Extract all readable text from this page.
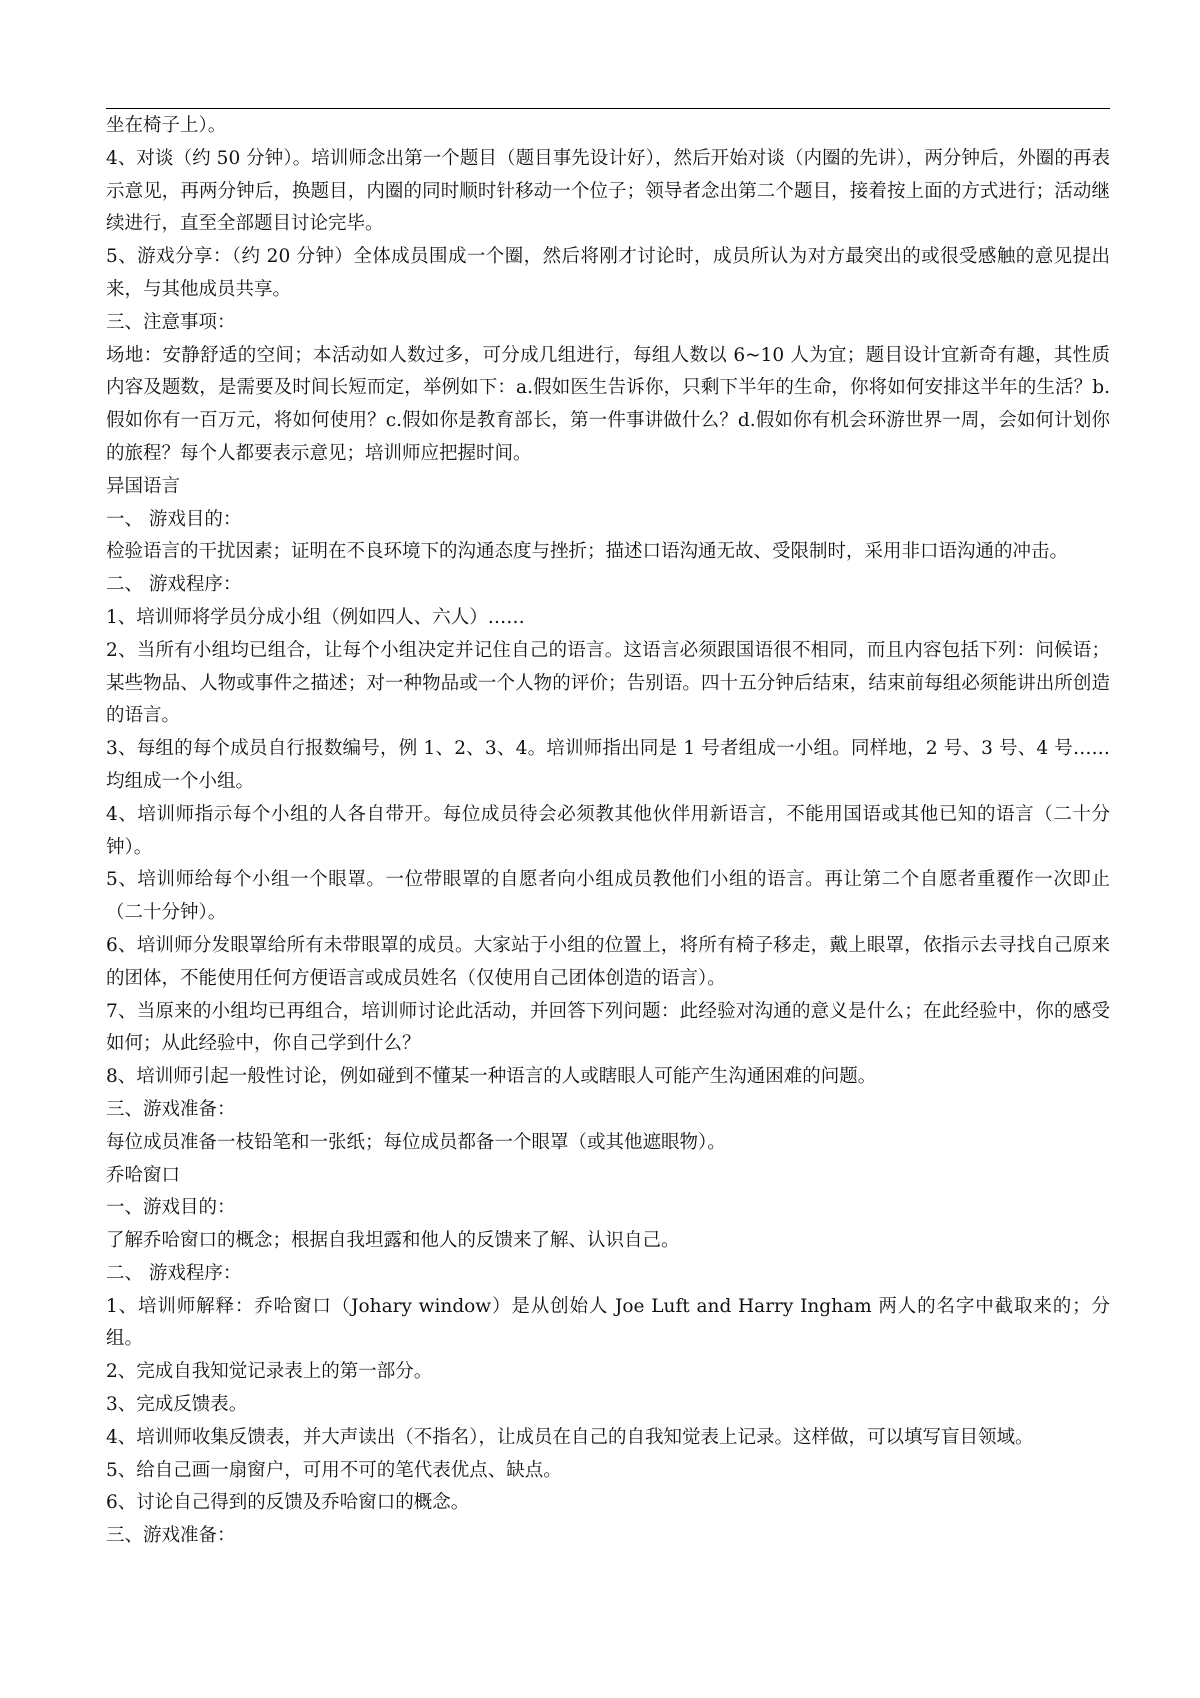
坐在椅子上）。

4、对谈（约 50 分钟）。培训师念出第一个题目（题目事先设计好），然后开始对谈（内圈的先讲），两分钟后，外圈的再表示意见，再两分钟后，换题目，内圈的同时顺时针移动一个位子；领导者念出第二个题目，接着按上面的方式进行；活动继续进行，直至全部题目讨论完毕。

5、游戏分享：（约 20 分钟）全体成员围成一个圈，然后将刚才讨论时，成员所认为对方最突出的或很受感触的意见提出来，与其他成员共享。

三、注意事项：

场地：安静舒适的空间；本活动如人数过多，可分成几组进行，每组人数以 6~10 人为宜；题目设计宜新奇有趣，其性质内容及题数，是需要及时间长短而定，举例如下：a.假如医生告诉你，只剩下半年的生命，你将如何安排这半年的生活？b.假如你有一百万元，将如何使用？c.假如你是教育部长，第一件事讲做什么？d.假如你有机会环游世界一周，会如何计划你的旅程？每个人都要表示意见；培训师应把握时间。

异国语言

一、 游戏目的：

检验语言的干扰因素；证明在不良环境下的沟通态度与挫折；描述口语沟通无故、受限制时，采用非口语沟通的冲击。

二、 游戏程序：

1、培训师将学员分成小组（例如四人、六人）……

2、当所有小组均已组合，让每个小组决定并记住自己的语言。这语言必须跟国语很不相同，而且内容包括下列：问候语；某些物品、人物或事件之描述；对一种物品或一个人物的评价；告别语。四十五分钟后结束，结束前每组必须能讲出所创造的语言。

3、每组的每个成员自行报数编号，例 1、2、3、4。培训师指出同是 1 号者组成一小组。同样地，2 号、3 号、4 号……均组成一个小组。

4、培训师指示每个小组的人各自带开。每位成员待会必须教其他伙伴用新语言，不能用国语或其他已知的语言（二十分钟）。

5、培训师给每个小组一个眼罩。一位带眼罩的自愿者向小组成员教他们小组的语言。再让第二个自愿者重覆作一次即止（二十分钟）。

6、培训师分发眼罩给所有未带眼罩的成员。大家站于小组的位置上，将所有椅子移走，戴上眼罩，依指示去寻找自己原来的团体，不能使用任何方便语言或成员姓名（仅使用自己团体创造的语言）。

7、当原来的小组均已再组合，培训师讨论此活动，并回答下列问题：此经验对沟通的意义是什么；在此经验中，你的感受如何；从此经验中，你自己学到什么？

8、培训师引起一般性讨论，例如碰到不懂某一种语言的人或瞎眼人可能产生沟通困难的问题。

三、游戏准备：

每位成员准备一枝铅笔和一张纸；每位成员都备一个眼罩（或其他遮眼物）。

乔哈窗口

一、游戏目的：

了解乔哈窗口的概念；根据自我坦露和他人的反馈来了解、认识自己。

二、 游戏程序：

1、培训师解释：乔哈窗口（Johary window）是从创始人 Joe Luft and Harry Ingham 两人的名字中截取来的；分组。

2、完成自我知觉记录表上的第一部分。

3、完成反馈表。

4、培训师收集反馈表，并大声读出（不指名），让成员在自己的自我知觉表上记录。这样做，可以填写盲目领域。

5、给自己画一扇窗户，可用不可的笔代表优点、缺点。

6、讨论自己得到的反馈及乔哈窗口的概念。

三、游戏准备：
